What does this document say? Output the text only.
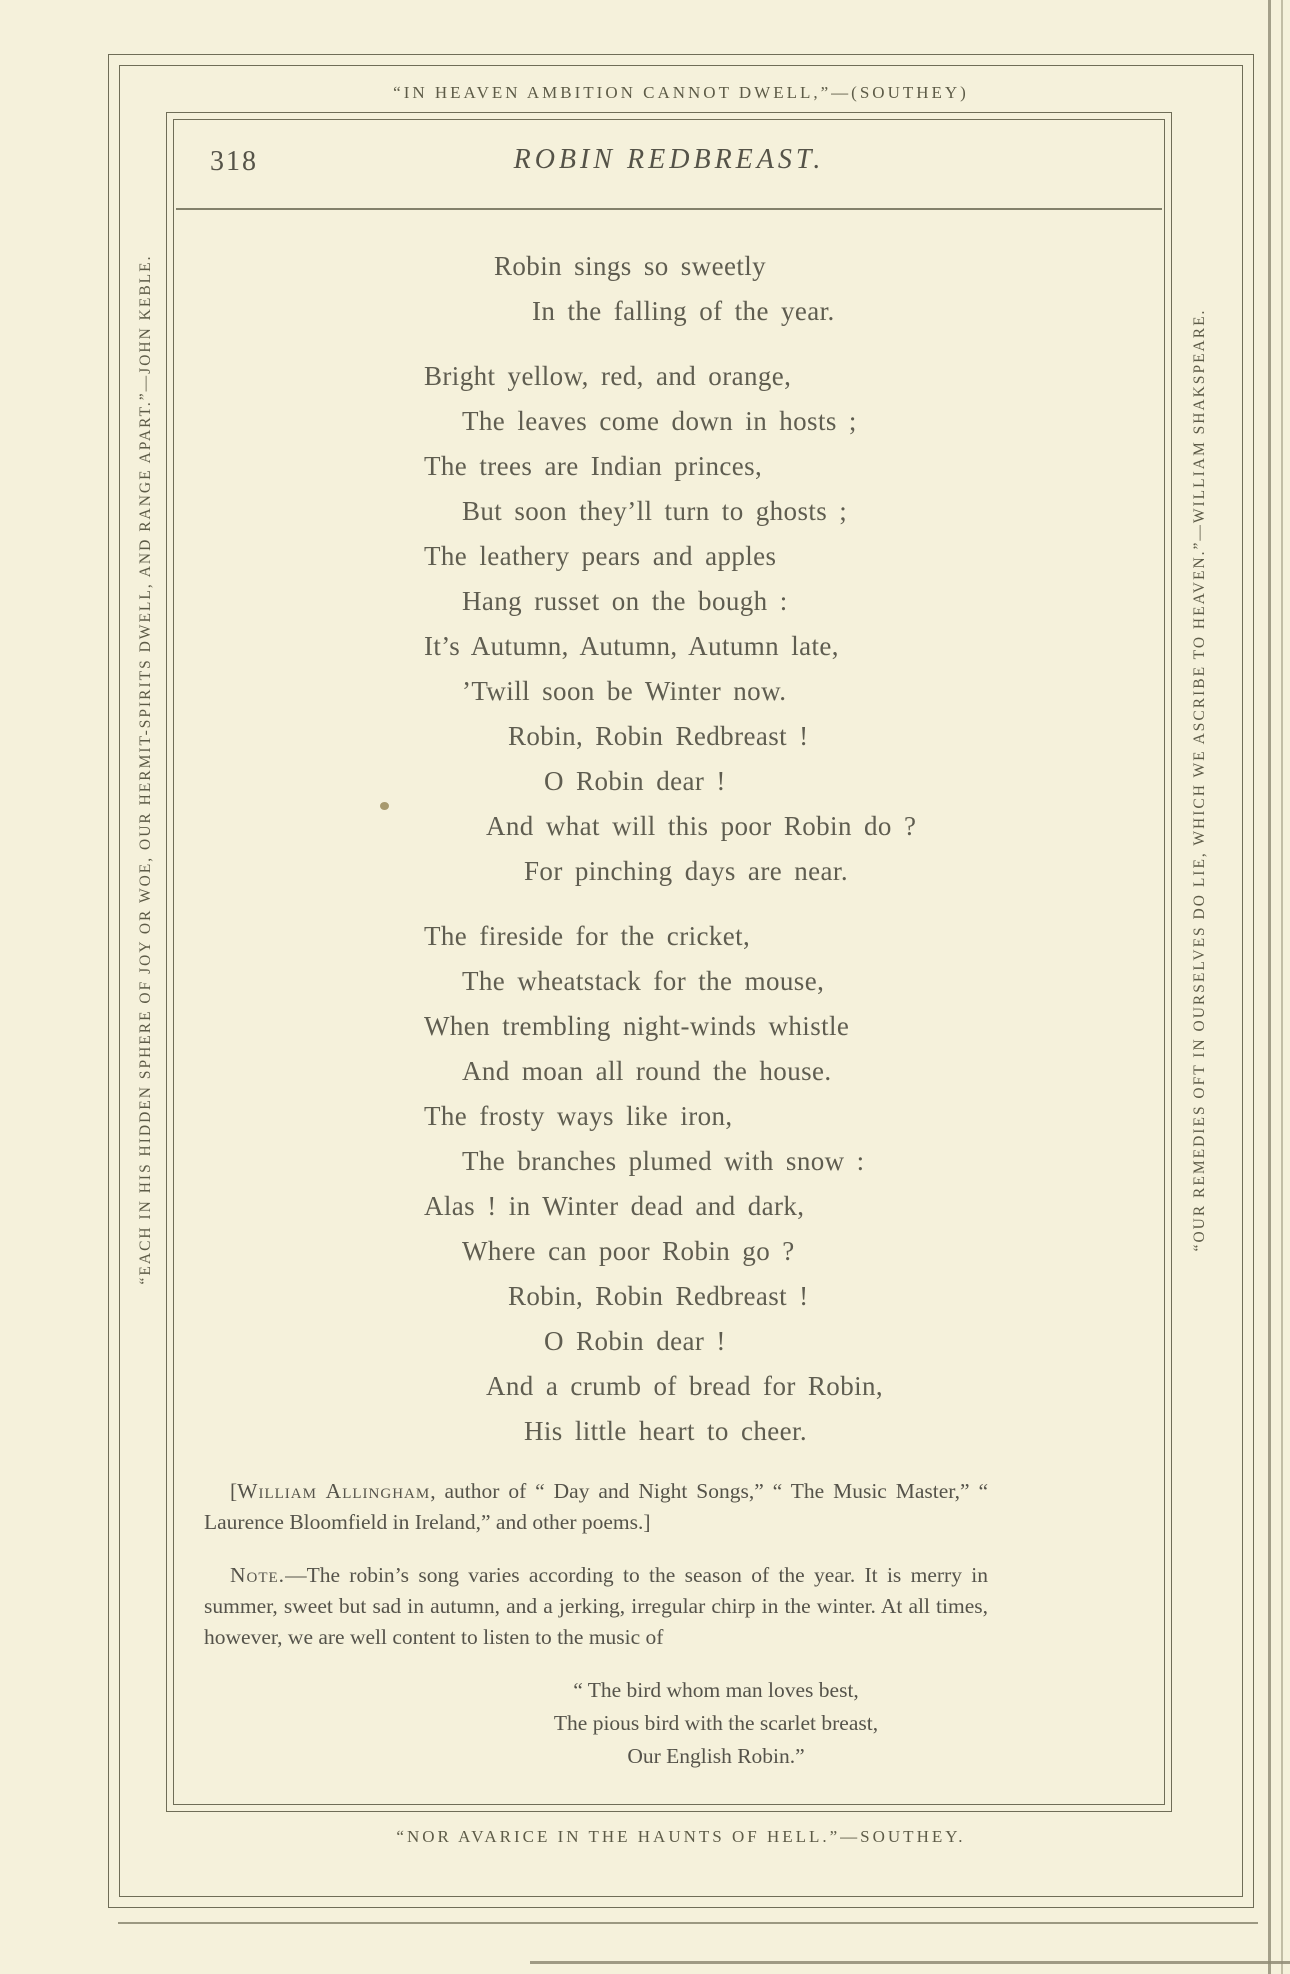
“IN HEAVEN AMBITION CANNOT DWELL,”—(SOUTHEY)
“NOR AVARICE IN THE HAUNTS OF HELL.”—SOUTHEY.
“EACH IN HIS HIDDEN SPHERE OF JOY OR WOE, OUR HERMIT-SPIRITS DWELL, AND RANGE APART.”—JOHN KEBLE.	“OUR REMEDIES OFT IN OURSELVES DO LIE, WHICH WE ASCRIBE TO HEAVEN.”—WILLIAM SHAKSPEARE.
318	ROBIN REDBREAST.
Robin sings so sweetly
In the falling of the year.
Bright yellow, red, and orange,
The leaves come down in hosts ;
The trees are Indian princes,
But soon they’ll turn to ghosts ;
The leathery pears and apples
Hang russet on the bough :
It’s Autumn, Autumn, Autumn late,
’Twill soon be Winter now.
Robin, Robin Redbreast !
O Robin dear !
And what will this poor Robin do ?
For pinching days are near.
The fireside for the cricket,
The wheatstack for the mouse,
When trembling night-winds whistle
And moan all round the house.
The frosty ways like iron,
The branches plumed with snow :
Alas ! in Winter dead and dark,
Where can poor Robin go ?
Robin, Robin Redbreast !
O Robin dear !
And a crumb of bread for Robin,
His little heart to cheer.

[William Allingham, author of “ Day and Night Songs,” “ The Music Master,” “ Laurence Bloomfield in Ireland,” and other poems.]

Note.—The robin’s song varies according to the season of the year. It is merry in summer, sweet but sad in autumn, and a jerking, irregular chirp in the winter. At all times, however, we are well content to listen to the music of

“ The bird whom man loves best,
The pious bird with the scarlet breast,
Our English Robin.”
